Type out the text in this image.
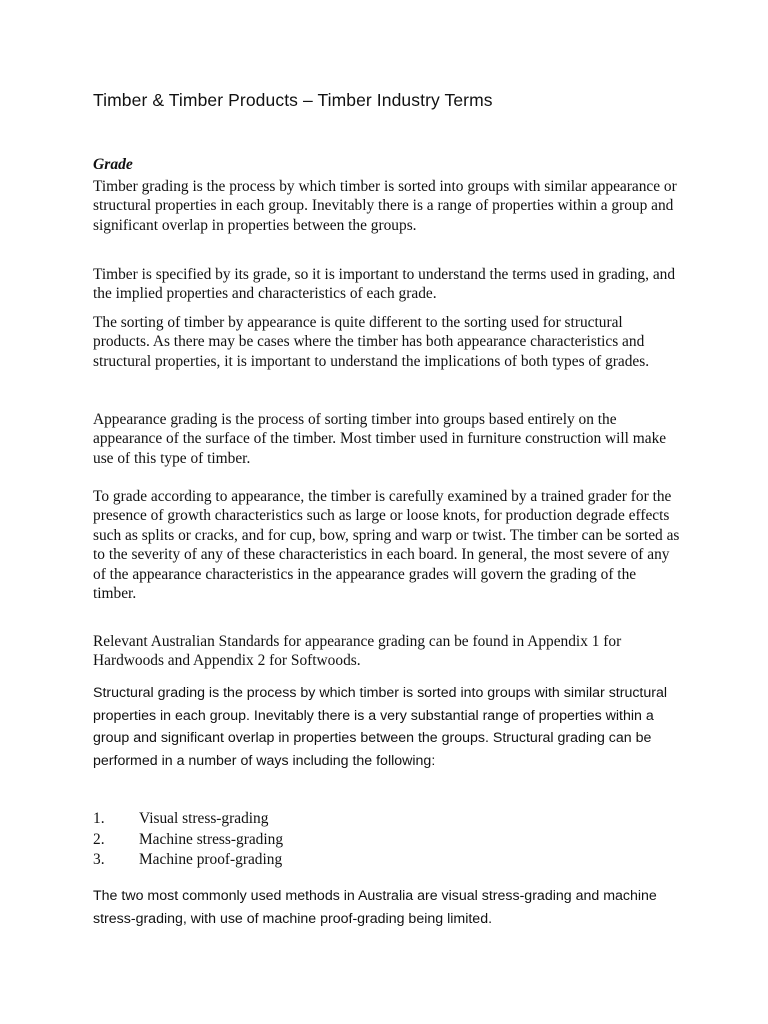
Timber & Timber Products – Timber Industry Terms
Grade

Timber grading is the process by which timber is sorted into groups with similar appearance or structural properties in each group. Inevitably there is a range of properties within a group and significant overlap in properties between the groups.

Timber is specified by its grade, so it is important to understand the terms used in grading, and the implied properties and characteristics of each grade.

The sorting of timber by appearance is quite different to the sorting used for structural products. As there may be cases where the timber has both appearance characteristics and structural properties, it is important to understand the implications of both types of grades.

Appearance grading is the process of sorting timber into groups based entirely on the appearance of the surface of the timber. Most timber used in furniture construction will make use of this type of timber.

To grade according to appearance, the timber is carefully examined by a trained grader for the presence of growth characteristics such as large or loose knots, for production degrade effects such as splits or cracks, and for cup, bow, spring and warp or twist. The timber can be sorted as to the severity of any of these characteristics in each board. In general, the most severe of any of the appearance characteristics in the appearance grades will govern the grading of the timber.

Relevant Australian Standards for appearance grading can be found in Appendix 1 for Hardwoods and Appendix 2 for Softwoods.

Structural grading is the process by which timber is sorted into groups with similar structural properties in each group. Inevitably there is a very substantial range of properties within a group and significant overlap in properties between the groups. Structural grading can be performed in a number of ways including the following:

1.	Visual stress-grading
2.	Machine stress-grading
3.	Machine proof-grading

The two most commonly used methods in Australia are visual stress-grading and machine stress-grading, with use of machine proof-grading being limited.
